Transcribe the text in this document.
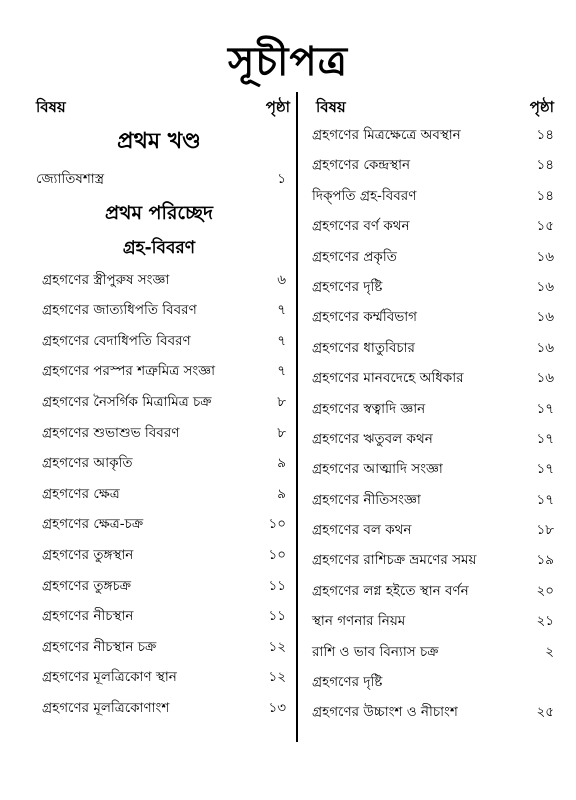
সূচীপত্র
বিষয়	পৃষ্ঠা
প্রথম খণ্ড
জ্যোতিষশাস্ত্র	১
প্রথম পরিচ্ছেদ
গ্রহ-বিবরণ
গ্রহগণের স্ত্রীপুরুষ সংজ্ঞা	৬
গ্রহগণের জাত্যধিপতি বিবরণ	৭
গ্রহগণের বেদাধিপতি বিবরণ	৭
গ্রহগণের পরস্পর শত্রুমিত্র সংজ্ঞা	৭
গ্রহগণের নৈসর্গিক মিত্রামিত্র চক্র	৮
গ্রহগণের শুভাশুভ বিবরণ	৮
গ্রহগণের আকৃতি	৯
গ্রহগণের ক্ষেত্র	৯
গ্রহগণের ক্ষেত্র-চক্র	১০
গ্রহগণের তুঙ্গস্থান	১০
গ্রহগণের তুঙ্গচক্র	১১
গ্রহগণের নীচস্থান	১১
গ্রহগণের নীচস্থান চক্র	১২
গ্রহগণের মূলত্রিকোণ স্থান	১২
গ্রহগণের মূলত্রিকোণাংশ	১৩
বিষয়	পৃষ্ঠা
গ্রহগণের মিত্রক্ষেত্রে অবস্থান	১৪
গ্রহগণের কেন্দ্রস্থান	১৪
দিক্‌পতি গ্রহ-বিবরণ	১৪
গ্রহগণের বর্ণ কথন	১৫
গ্রহগণের প্রকৃতি	১৬
গ্রহগণের দৃষ্টি	১৬
গ্রহগণের কর্ম্মবিভাগ	১৬
গ্রহগণের ধাতুবিচার	১৬
গ্রহগণের মানবদেহে অধিকার	১৬
গ্রহগণের স্বত্বাদি জ্ঞান	১৭
গ্রহগণের ঋতুবল কথন	১৭
গ্রহগণের আত্মাদি সংজ্ঞা	১৭
গ্রহগণের নীতিসংজ্ঞা	১৭
গ্রহগণের বল কথন	১৮
গ্রহগণের রাশিচক্র ভ্রমণের সময়	১৯
গ্রহগণের লগ্ন হইতে স্থান বর্ণন	২০
স্থান গণনার নিয়ম	২১
রাশি ও ভাব বিন্যাস চক্র	২
গ্রহগণের দৃষ্টি
গ্রহগণের উচ্চাংশ ও নীচাংশ	২৫
